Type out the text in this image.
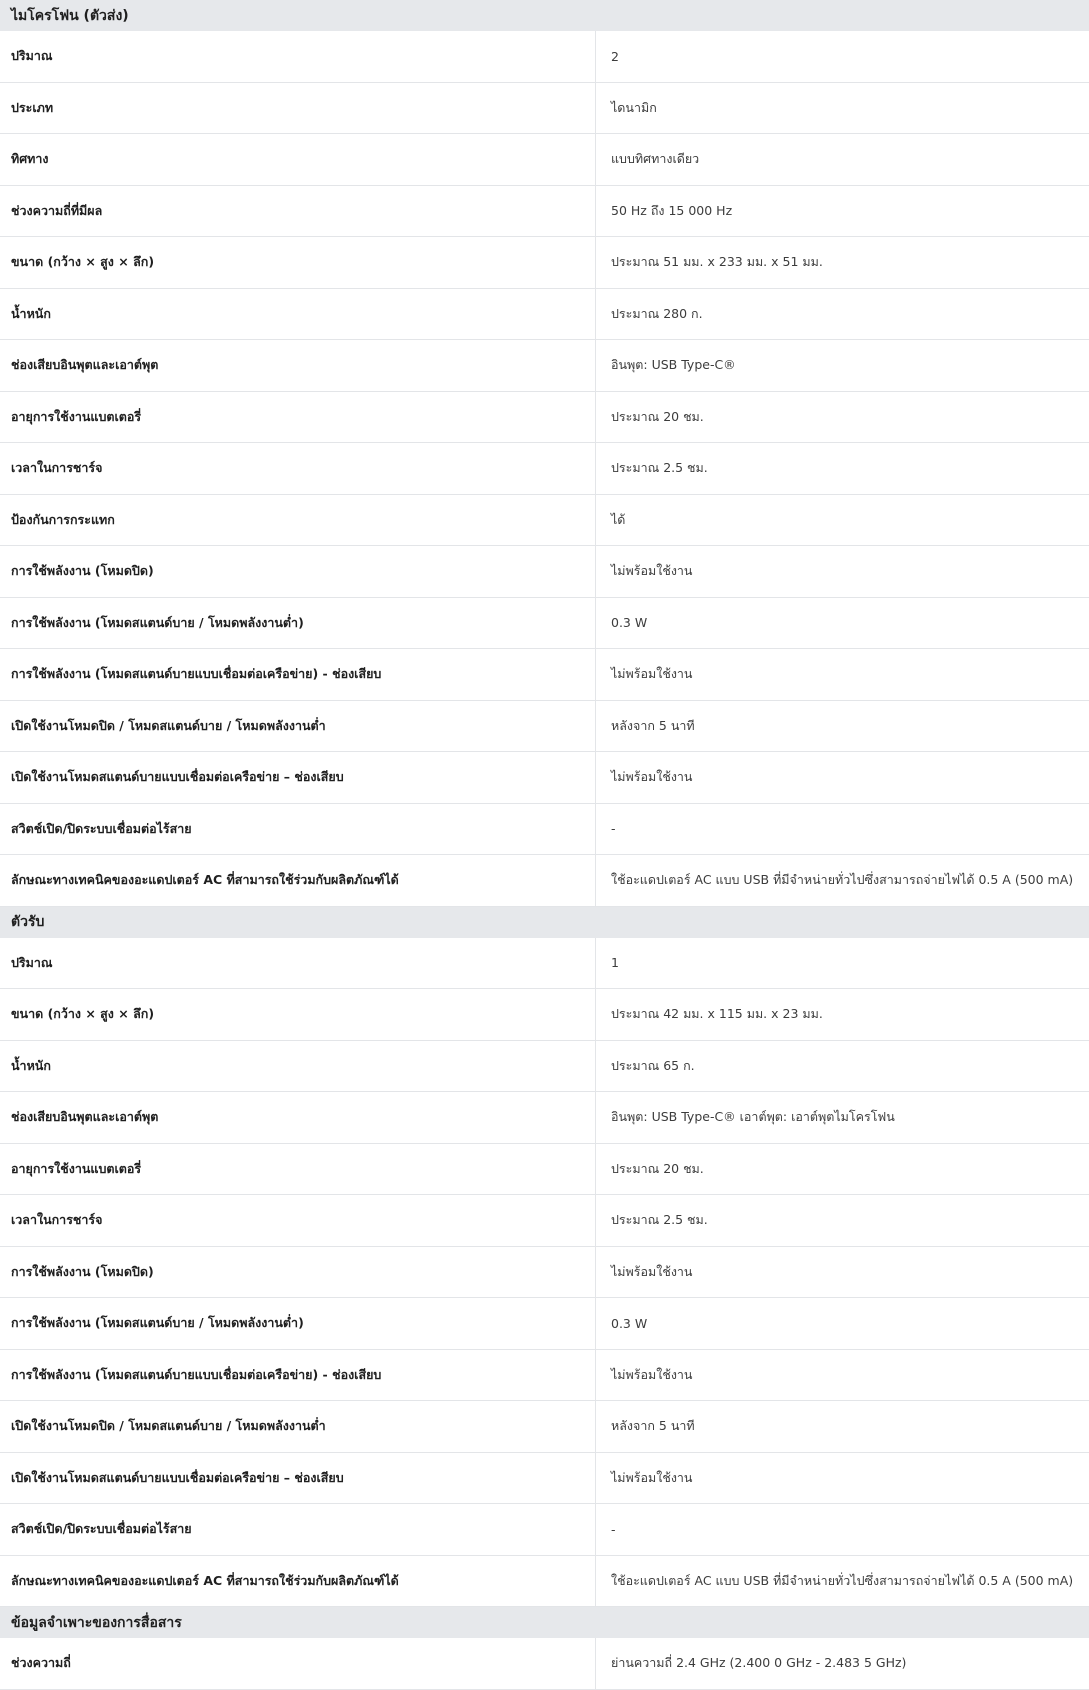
ไมโครโฟน (ตัวส่ง)
ปริมาณ	2
ประเภท	ไดนามิก
ทิศทาง	แบบทิศทางเดียว
ช่วงความถี่ที่มีผล	50 Hz ถึง 15 000 Hz
ขนาด (กว้าง × สูง × ลึก)	ประมาณ 51 มม. x 233 มม. x 51 มม.
น้ำหนัก	ประมาณ 280 ก.
ช่องเสียบอินพุตและเอาต์พุต	อินพุต: USB Type-C®
อายุการใช้งานแบตเตอรี่	ประมาณ 20 ชม.
เวลาในการชาร์จ	ประมาณ 2.5 ชม.
ป้องกันการกระแทก	ได้
การใช้พลังงาน (โหมดปิด)	ไม่พร้อมใช้งาน
การใช้พลังงาน (โหมดสแตนด์บาย / โหมดพลังงานต่ำ)	0.3 W
การใช้พลังงาน (โหมดสแตนด์บายแบบเชื่อมต่อเครือข่าย) - ช่องเสียบ	ไม่พร้อมใช้งาน
เปิดใช้งานโหมดปิด / โหมดสแตนด์บาย / โหมดพลังงานต่ำ	หลังจาก 5 นาที
เปิดใช้งานโหมดสแตนด์บายแบบเชื่อมต่อเครือข่าย – ช่องเสียบ	ไม่พร้อมใช้งาน
สวิตช์เปิด/ปิดระบบเชื่อมต่อไร้สาย	-
ลักษณะทางเทคนิคของอะแดปเตอร์ AC ที่สามารถใช้ร่วมกับผลิตภัณฑ์ได้	ใช้อะแดปเตอร์ AC แบบ USB ที่มีจำหน่ายทั่วไปซึ่งสามารถจ่ายไฟได้ 0.5 A (500 mA)
ตัวรับ
ปริมาณ	1
ขนาด (กว้าง × สูง × ลึก)	ประมาณ 42 มม. x 115 มม. x 23 มม.
น้ำหนัก	ประมาณ 65 ก.
ช่องเสียบอินพุตและเอาต์พุต	อินพุต: USB Type-C® เอาต์พุต: เอาต์พุตไมโครโฟน
อายุการใช้งานแบตเตอรี่	ประมาณ 20 ชม.
เวลาในการชาร์จ	ประมาณ 2.5 ชม.
การใช้พลังงาน (โหมดปิด)	ไม่พร้อมใช้งาน
การใช้พลังงาน (โหมดสแตนด์บาย / โหมดพลังงานต่ำ)	0.3 W
การใช้พลังงาน (โหมดสแตนด์บายแบบเชื่อมต่อเครือข่าย) - ช่องเสียบ	ไม่พร้อมใช้งาน
เปิดใช้งานโหมดปิด / โหมดสแตนด์บาย / โหมดพลังงานต่ำ	หลังจาก 5 นาที
เปิดใช้งานโหมดสแตนด์บายแบบเชื่อมต่อเครือข่าย – ช่องเสียบ	ไม่พร้อมใช้งาน
สวิตช์เปิด/ปิดระบบเชื่อมต่อไร้สาย	-
ลักษณะทางเทคนิคของอะแดปเตอร์ AC ที่สามารถใช้ร่วมกับผลิตภัณฑ์ได้	ใช้อะแดปเตอร์ AC แบบ USB ที่มีจำหน่ายทั่วไปซึ่งสามารถจ่ายไฟได้ 0.5 A (500 mA)
ข้อมูลจำเพาะของการสื่อสาร
ช่วงความถี่	ย่านความถี่ 2.4 GHz (2.400 0 GHz - 2.483 5 GHz)
